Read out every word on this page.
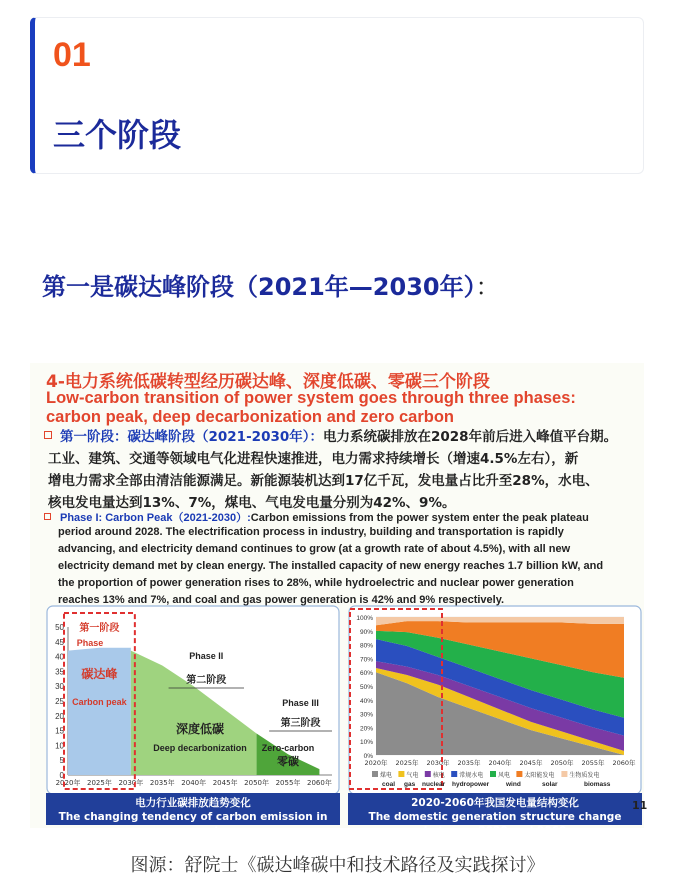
01
三个阶段
第一是碳达峰阶段（2021年—2030年）：
4-电力系统低碳转型经历碳达峰、深度低碳、零碳三个阶段
Low-carbon transition of power system goes through three phases:
carbon peak, deep decarbonization and zero carbon
第一阶段：碳达峰阶段（2021-2030年）：电力系统碳排放在2028年前后进入峰值平台期。
工业、建筑、交通等领域电气化进程快速推进，电力需求持续增长（增速4.5%左右），新
增电力需求全部由清洁能源满足。新能源装机达到17亿千瓦，发电量占比升至28%，水电、
核电发电量达到13%、7%，煤电、气电发电量分别为42%、9%。
Phase I: Carbon Peak（2021-2030）:Carbon emissions from the power system enter the peak plateau
period around 2028. The electrification process in industry, building and transportation is rapidly
advancing, and electricity demand continues to grow (at a growth rate of about 4.5%), with all new
electricity demand met by clean energy. The installed capacity of new energy reaches 1.7 billion kW, and
the proportion of power generation rises to 28%, while hydroelectric and nuclear power generation
reaches 13% and 7%, and coal and gas power generation is 42% and 9% respectively.
0
5
10
15
20
25
30
35
40
45
50
2020年 2025年 2030年 2035年 2040年 2045年 2050年 2055年 2060年
第一阶段
Phase
碳达峰
Carbon peak
Phase II
第二阶段
深度低碳
Deep decarbonization
Phase III
第三阶段
Zero-carbon
零碳	0%
10%
20%
30%
40%
50%
60%
70%
80%
90%
100%
2020年 2025年 2030年 2035年 2040年 2045年 2050年 2055年 2060年
煤电 气电 核电 常规水电 风电 太阳能发电 生物质发电
coal gas nuclear hydropower	wind	solar	biomass
电力行业碳排放趋势变化
The changing tendency of carbon emission in power sector
2020-2060年我国发电量结构变化
The domestic generation structure change between 2020 and 2060
11
图源：舒院士《碳达峰碳中和技术路径及实践探讨》
